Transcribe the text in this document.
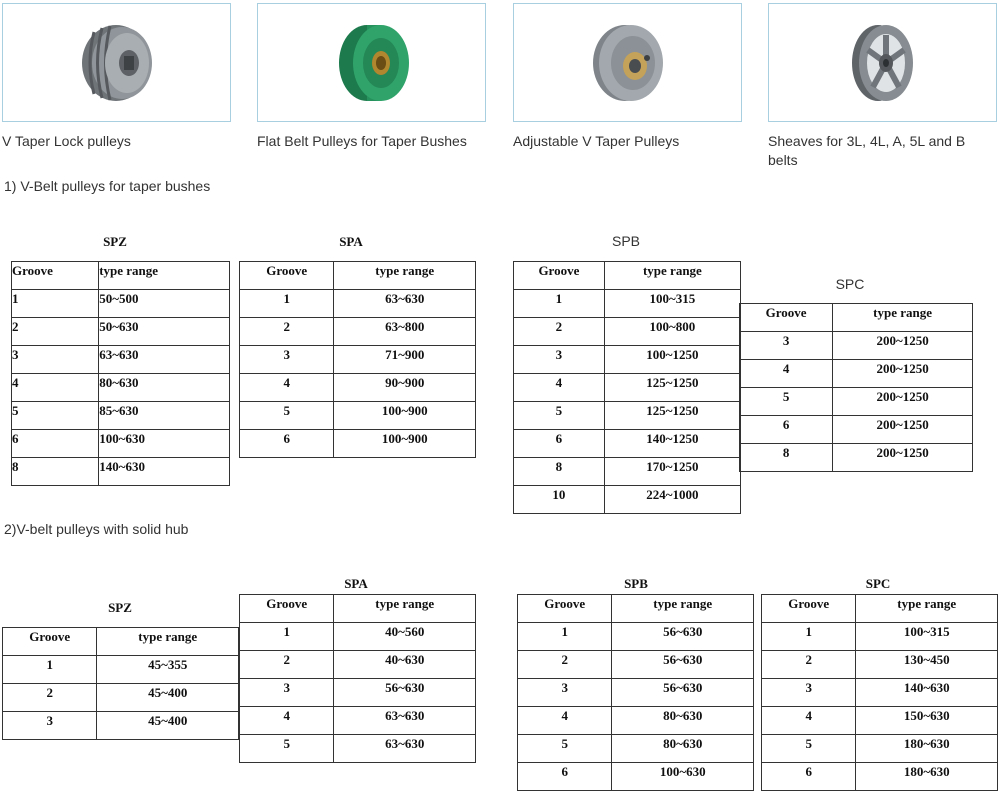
V Taper Lock pulleys	Flat Belt Pulleys for Taper Bushes	Adjustable V Taper Pulleys	Sheaves for 3L, 4L, A, 5L and B belts
1) V-Belt pulleys for taper bushes
SPZ
Groove	type range
1	50~500
2	50~630
3	63~630
4	80~630
5	85~630
6	100~630
8	140~630
SPA
Groove	type range
1	63~630
2	63~800
3	71~900
4	90~900
5	100~900
6	100~900
SPB
Groove	type range
1	100~315
2	100~800
3	100~1250
4	125~1250
5	125~1250
6	140~1250
8	170~1250
10	224~1000
SPC
Groove	type range
3	200~1250
4	200~1250
5	200~1250
6	200~1250
8	200~1250
2)V-belt pulleys with solid hub
SPZ
Groove	type range
1	45~355
2	45~400
3	45~400
SPA
Groove	type range
1	40~560
2	40~630
3	56~630
4	63~630
5	63~630
SPB
Groove	type range
1	56~630
2	56~630
3	56~630
4	80~630
5	80~630
6	100~630
SPC
Groove	type range
1	100~315
2	130~450
3	140~630
4	150~630
5	180~630
6	180~630
